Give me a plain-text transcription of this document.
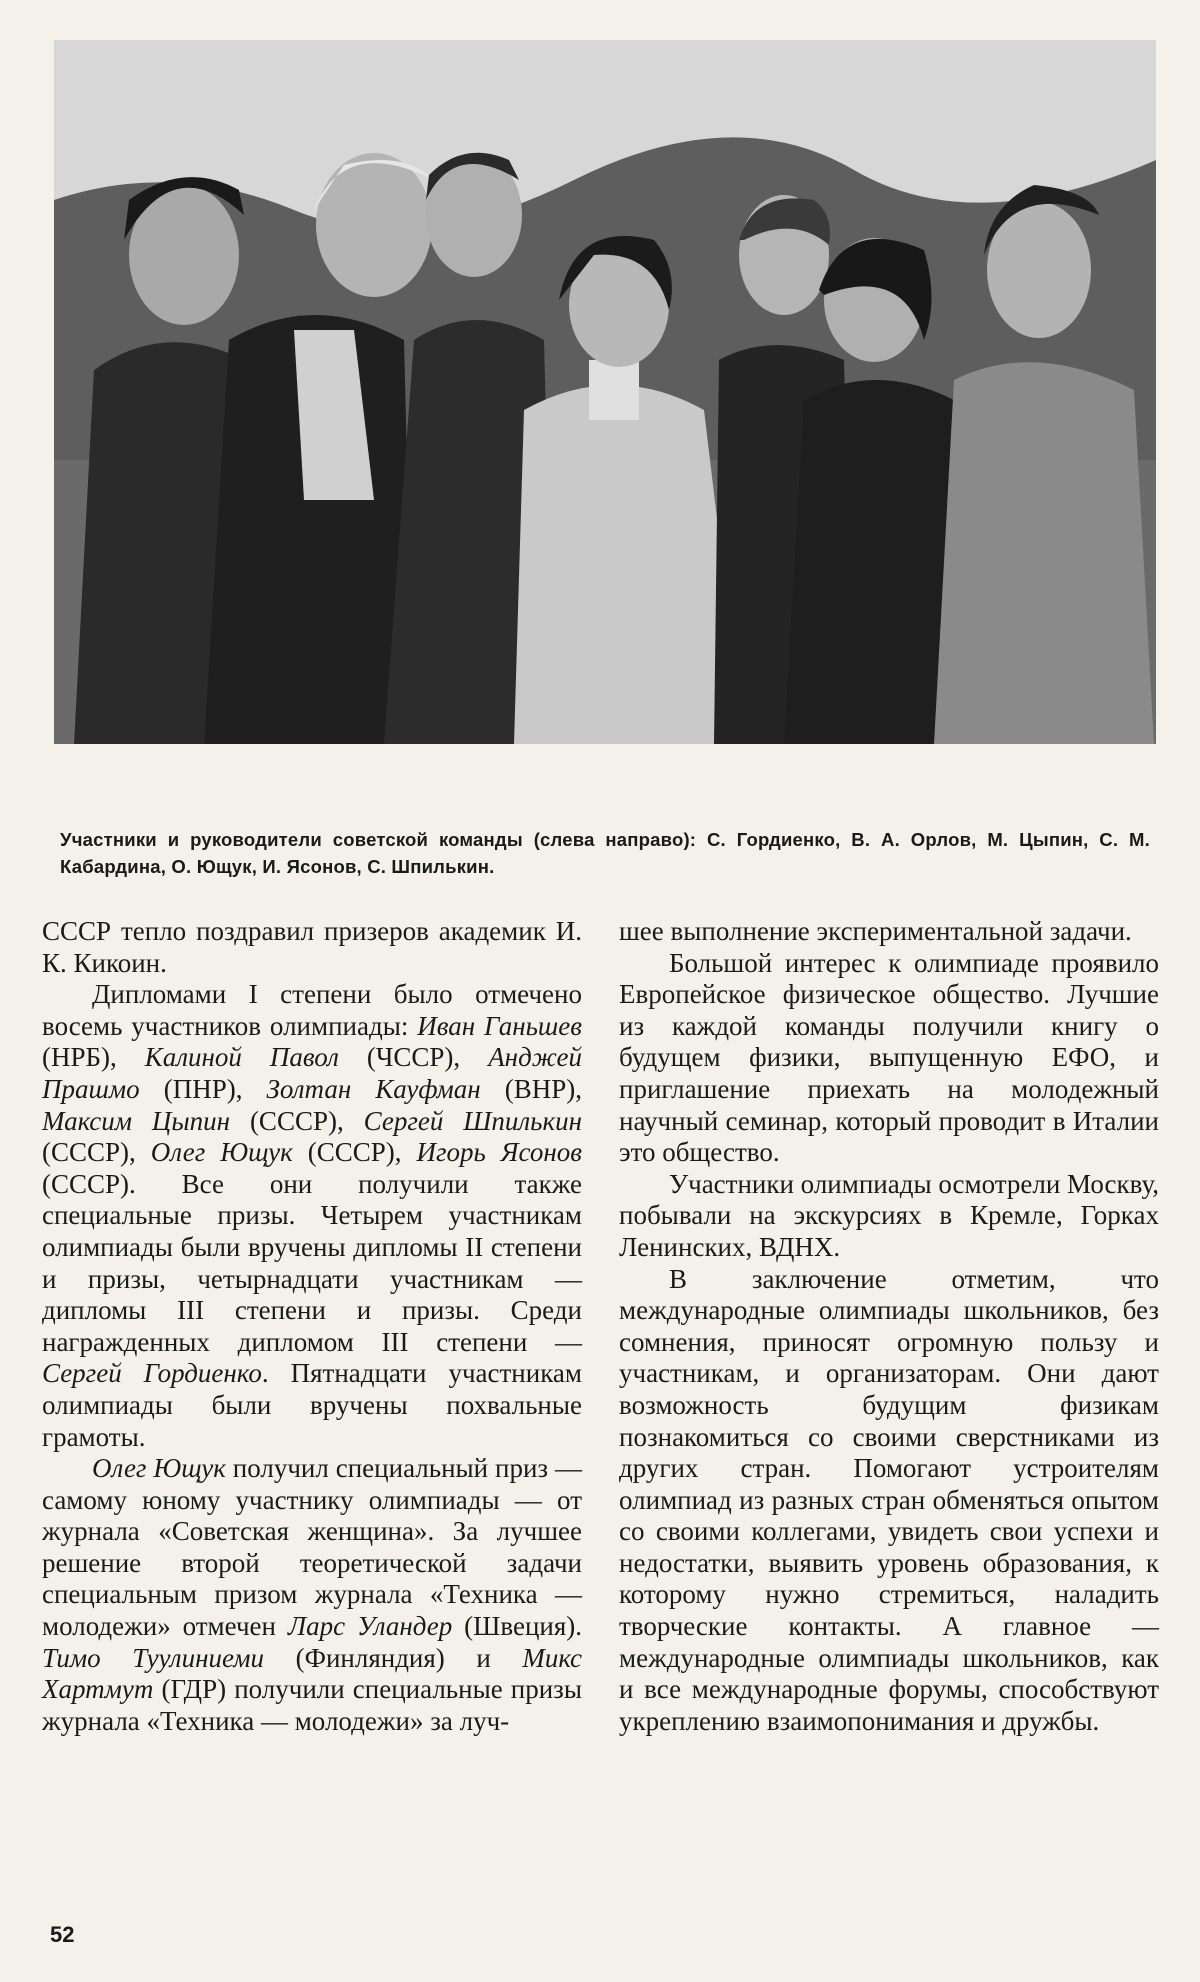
Участники и руководители советской команды (слева направо): С. Гордиенко, В. А. Орлов, М. Цыпин, С. М. Кабардина, О. Ющук, И. Ясонов, С. Шпилькин.

СССР тепло поздравил призеров академик И. К. Кикоин.

Дипломами I степени было отмечено восемь участников олимпиады: Иван Ганьшев (НРБ), Калиной Павол (ЧССР), Анджей Прашмо (ПНР), Золтан Кауфман (ВНР), Максим Цыпин (СССР), Сергей Шпилькин (СССР), Олег Ющук (СССР), Игорь Ясонов (СССР). Все они получили также специальные призы. Четырем участникам олимпиады были вручены дипломы II степени и призы, четырнадцати участникам — дипломы III степени и призы. Среди награжденных дипломом III степени — Сергей Гордиенко. Пятнадцати участникам олимпиады были вручены похвальные грамоты.

Олег Ющук получил специальный приз — самому юному участнику олимпиады — от журнала «Советская женщина». За лучшее решение второй теоретической задачи специальным призом журнала «Техника — молодежи» отмечен Ларс Уландер (Швеция). Тимо Туулиниеми (Финляндия) и Микс Хартмут (ГДР) получили специальные призы журнала «Техника — молодежи» за луч-

шее выполнение экспериментальной задачи.

Большой интерес к олимпиаде проявило Европейское физическое общество. Лучшие из каждой команды получили книгу о будущем физики, выпущенную ЕФО, и приглашение приехать на молодежный научный семинар, который проводит в Италии это общество.

Участники олимпиады осмотрели Москву, побывали на экскурсиях в Кремле, Горках Ленинских, ВДНХ.

В заключение отметим, что международные олимпиады школьников, без сомнения, приносят огромную пользу и участникам, и организаторам. Они дают возможность будущим физикам познакомиться со своими сверстниками из других стран. Помогают устроителям олимпиад из разных стран обменяться опытом со своими коллегами, увидеть свои успехи и недостатки, выявить уровень образования, к которому нужно стремиться, наладить творческие контакты. А главное — международные олимпиады школьников, как и все международные форумы, способствуют укреплению взаимопонимания и дружбы.

52
